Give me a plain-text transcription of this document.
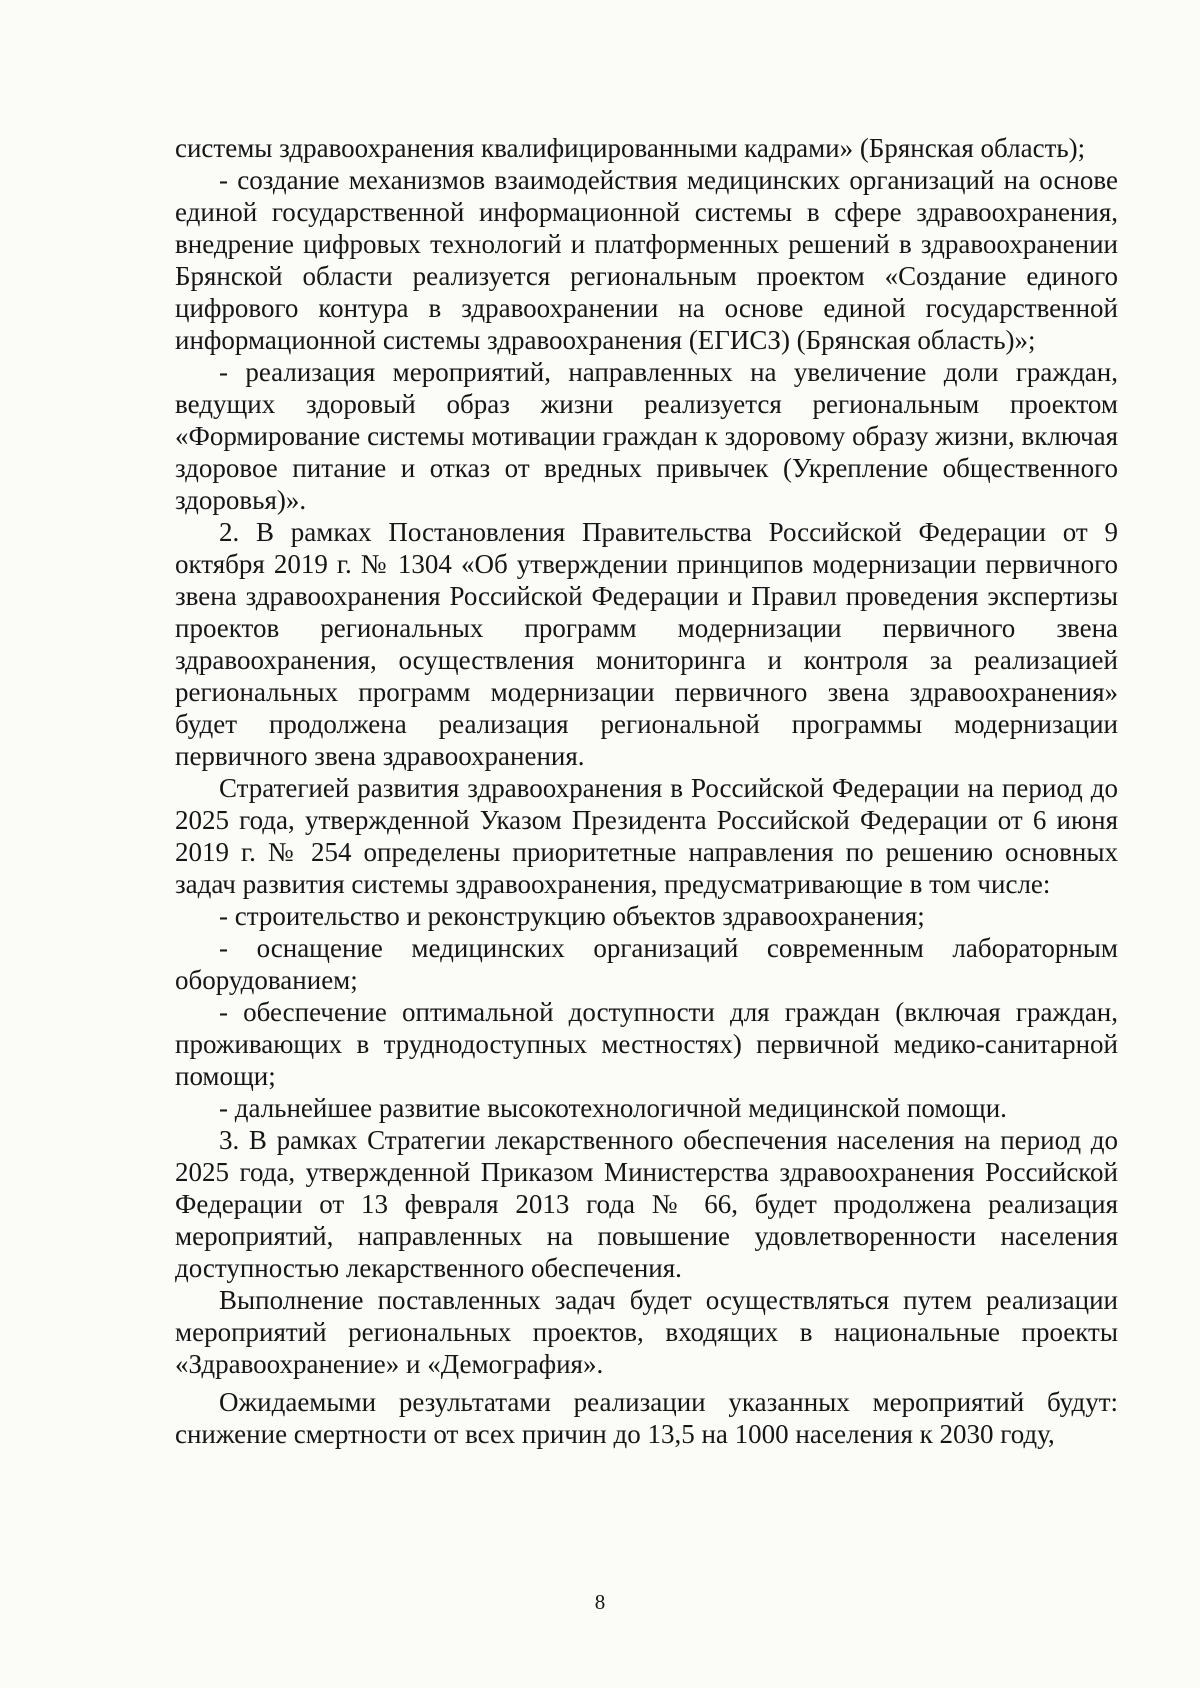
системы здравоохранения квалифицированными кадрами» (Брянская область);

- создание механизмов взаимодействия медицинских организаций на основе единой государственной информационной системы в сфере здравоохранения, внедрение цифровых технологий и платформенных решений в здравоохранении Брянской области реализуется региональным проектом «Создание единого цифрового контура в здравоохранении на основе единой государственной информационной системы здравоохранения (ЕГИСЗ) (Брянская область)»;

- реализация мероприятий, направленных на увеличение доли граждан, ведущих здоровый образ жизни реализуется региональным проектом «Формирование системы мотивации граждан к здоровому образу жизни, включая здоровое питание и отказ от вредных привычек (Укрепление общественного здоровья)».

2. В рамках Постановления Правительства Российской Федерации от 9 октября 2019 г. № 1304 «Об утверждении принципов модернизации первичного звена здравоохранения Российской Федерации и Правил проведения экспертизы проектов региональных программ модернизации первичного звена здравоохранения, осуществления мониторинга и контроля за реализацией региональных программ модернизации первичного звена здравоохранения» будет продолжена реализация региональной программы модернизации первичного звена здравоохранения.

Стратегией развития здравоохранения в Российской Федерации на период до 2025 года, утвержденной Указом Президента Российской Федерации от 6 июня 2019 г. № 254 определены приоритетные направления по решению основных задач развития системы здравоохранения, предусматривающие в том числе:

- строительство и реконструкцию объектов здравоохранения;

- оснащение медицинских организаций современным лабораторным оборудованием;

- обеспечение оптимальной доступности для граждан (включая граждан, проживающих в труднодоступных местностях) первичной медико-санитарной помощи;

- дальнейшее развитие высокотехнологичной медицинской помощи.

3. В рамках Стратегии лекарственного обеспечения населения на период до 2025 года, утвержденной Приказом Министерства здравоохранения Российской Федерации от 13 февраля 2013 года № 66, будет продолжена реализация мероприятий, направленных на повышение удовлетворенности населения доступностью лекарственного обеспечения.

Выполнение поставленных задач будет осуществляться путем реализации мероприятий региональных проектов, входящих в национальные проекты «Здравоохранение» и «Демография».

Ожидаемыми результатами реализации указанных мероприятий будут: снижение смертности от всех причин до 13,5 на 1000 населения к 2030 году,

8
